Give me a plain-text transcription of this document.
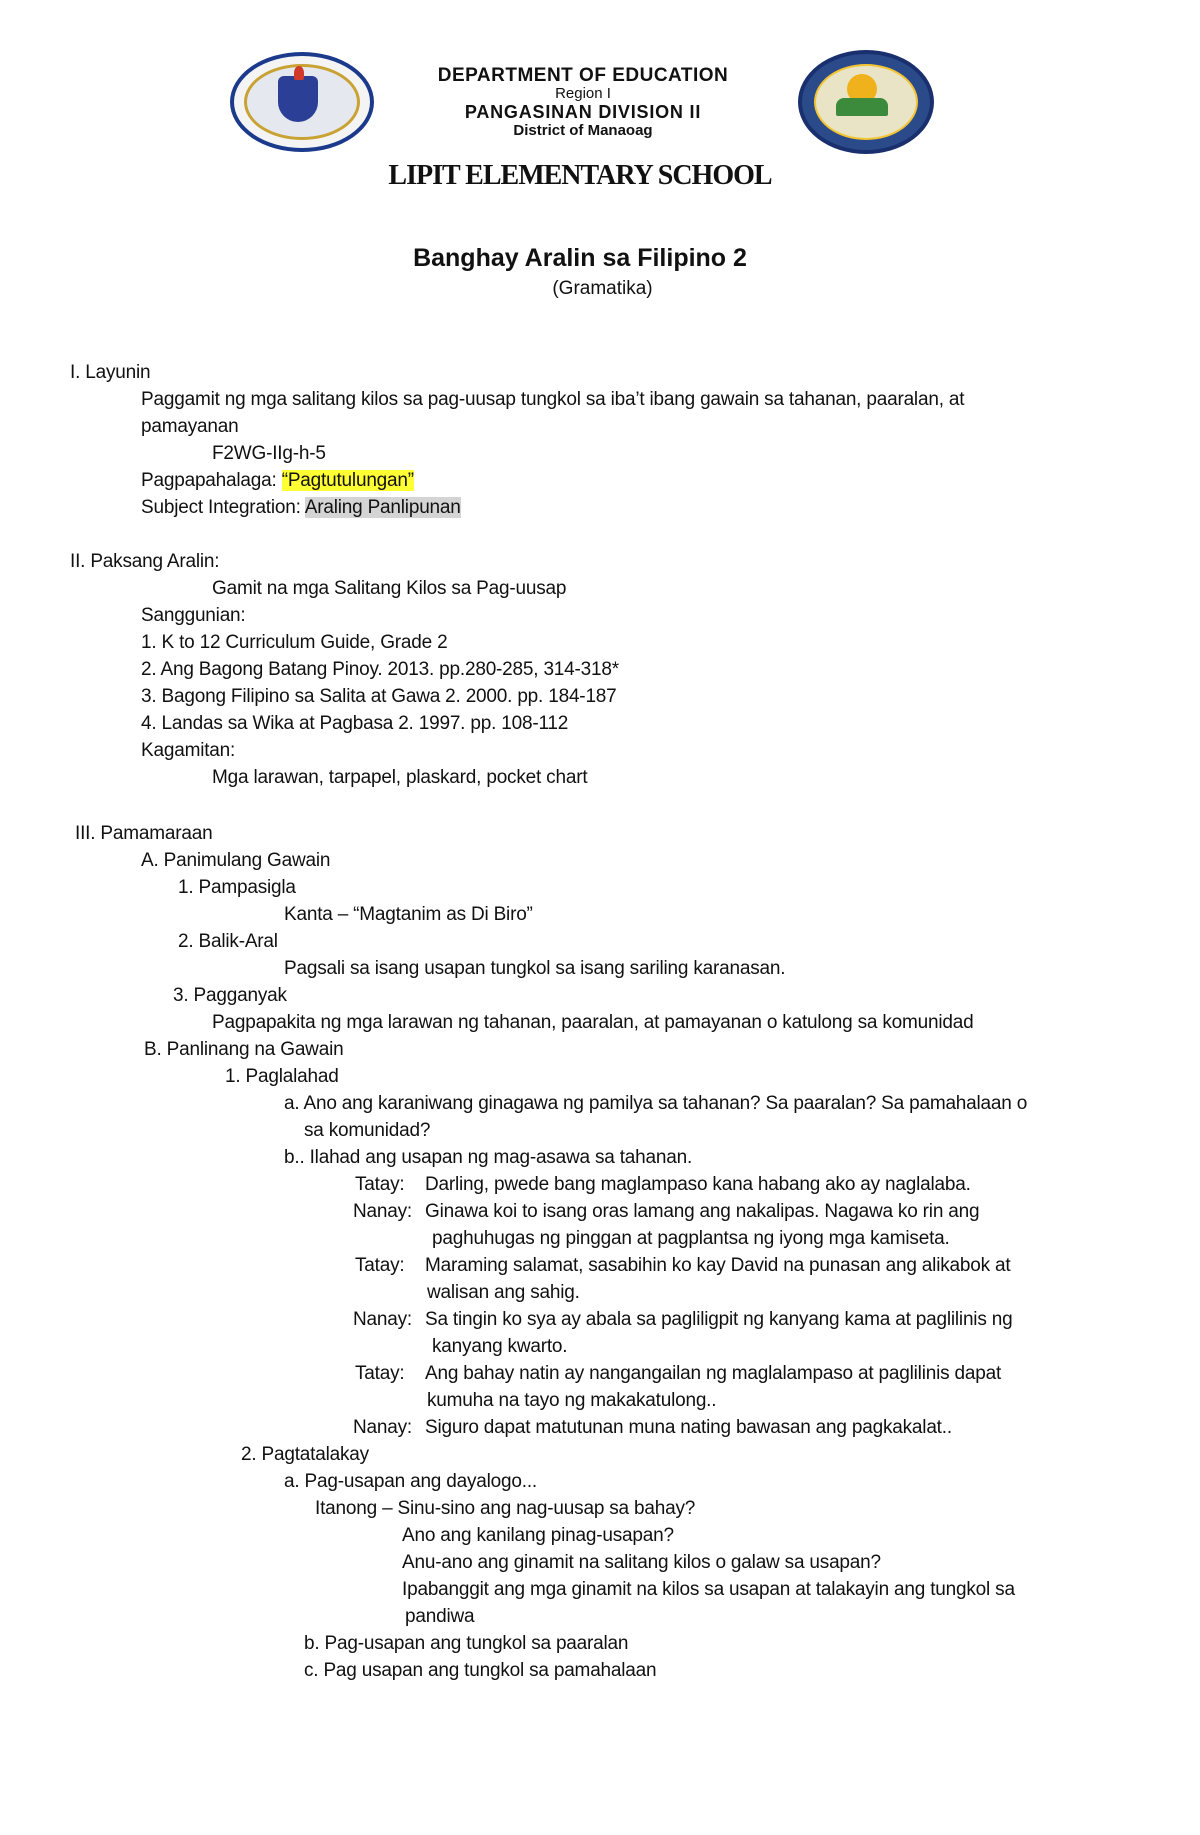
DEPARTMENT OF EDUCATION
Region I
PANGASINAN DIVISION II
District of Manaoag
LIPIT ELEMENTARY SCHOOL
Banghay Aralin sa Filipino 2
(Gramatika)
I. Layunin
Paggamit ng mga salitang kilos sa pag-uusap tungkol sa iba’t ibang gawain sa tahanan, paaralan, at
pamayanan
F2WG-IIg-h-5
Pagpapahalaga: “Pagtutulungan”
Subject Integration: Araling Panlipunan
II. Paksang Aralin:
Gamit na mga Salitang Kilos sa Pag-uusap
Sanggunian:
1. K to 12 Curriculum Guide, Grade 2
2. Ang Bagong Batang Pinoy. 2013. pp.280-285, 314-318*
3. Bagong Filipino sa Salita at Gawa 2. 2000. pp. 184-187
4. Landas sa Wika at Pagbasa 2. 1997. pp. 108-112
Kagamitan:
Mga larawan, tarpapel, plaskard, pocket chart
III. Pamamaraan
A. Panimulang Gawain
1. Pampasigla
Kanta – “Magtanim as Di Biro”
2. Balik-Aral
Pagsali sa isang usapan tungkol sa isang sariling karanasan.
3. Pagganyak
Pagpapakita ng mga larawan ng tahanan, paaralan, at pamayanan o katulong sa komunidad
B. Panlinang na Gawain
1. Paglalahad
a. Ano ang karaniwang ginagawa ng pamilya sa tahanan? Sa paaralan? Sa pamahalaan o
sa komunidad?
b.. Ilahad ang usapan ng mag-asawa sa tahanan.
Tatay: Darling, pwede bang maglampaso kana habang ako ay naglalaba.
Nanay: Ginawa koi to isang oras lamang ang nakalipas. Nagawa ko rin ang
paghuhugas ng pinggan at pagplantsa ng iyong mga kamiseta.
Tatay: Maraming salamat, sasabihin ko kay David na punasan ang alikabok at
walisan ang sahig.
Nanay: Sa tingin ko sya ay abala sa pagliligpit ng kanyang kama at paglilinis ng
kanyang kwarto.
Tatay: Ang bahay natin ay nangangailan ng maglalampaso at paglilinis dapat
kumuha na tayo ng makakatulong..
Nanay: Siguro dapat matutunan muna nating bawasan ang pagkakalat..
2. Pagtatalakay
a. Pag-usapan ang dayalogo...
Itanong – Sinu-sino ang nag-uusap sa bahay?
Ano ang kanilang pinag-usapan?
Anu-ano ang ginamit na salitang kilos o galaw sa usapan?
Ipabanggit ang mga ginamit na kilos sa usapan at talakayin ang tungkol sa
pandiwa
b. Pag-usapan ang tungkol sa paaralan
c. Pag usapan ang tungkol sa pamahalaan
